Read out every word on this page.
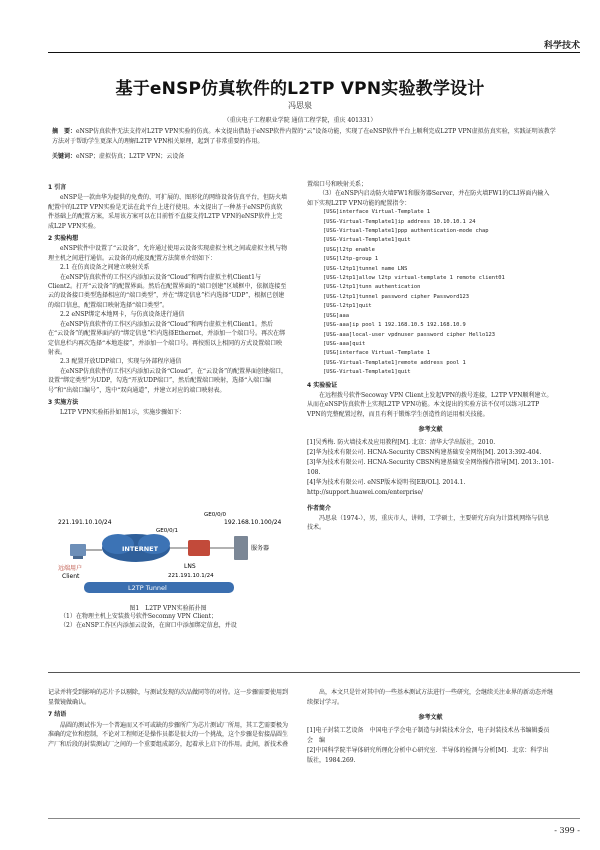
科学技术
基于eNSP仿真软件的L2TP VPN实验教学设计
冯思泉
（重庆电子工程职业学院 通信工程学院，重庆 401331）
摘　要：eNSP仿真软件无法支持对L2TP VPN实验的仿真。本文提出借助于eNSP软件内置的“云”设备功能，实现了在eNSP软件平台上顺利完成L2TP VPN虚拟仿真实验，实践证明该教学方法对于帮助学生更深入的理解L2TP VPN相关原理，起到了非常重要的作用。
关键词：eNSP；虚拟仿真；L2TP VPN；云设备
1 引言

eNSP是一款由华为提供的免费的、可扩展的、图形化的网络设备仿真平台，但防火墙配置中的L2TP VPN实验是无法在此平台上进行使用。本文提出了一种基于eNSP仿真软件基础上的配置方案，采用该方案可以在目前暂不直接支持L2TP VPN的eNSP软件上完成L2P VPN实验。

2 实验构想

eNSP软件中设置了“云设备”，允许通过使用云设备实现虚拟主机之间或虚拟主机与物理主机之间进行通信。云设备的功能及配置方法简单介绍如下：

2.1 在仿真设备之间建立映射关系

在eNSP仿真软件的工作区内添加云设备“Cloud”和两台虚拟主机Client1与Client2。打开“云设备”的配置界面。然后在配置界面的“端口创建”区域框中，依据连接至云的设备接口类型选择相应的“端口类型”，并在“绑定信息”栏内选择“UDP”，根据已创建的端口信息，配置端口映射选择“端口类型”。

2.2 eNSP绑定本地网卡，与仿真设备进行通信

在eNSP仿真软件的工作区内添加云设备“Cloud”和两台虚拟主机Client1。然后在“云设备”的配置界面内的“绑定信息”栏内选择Ethernet，并添加一个端口号。再次在绑定信息栏内再次选择“本地连接”，并添加一个端口号。再按照以上相同的方式设置端口映射表。

2.3 配置开放UDP端口，实现与外部程序通信

在eNSP仿真软件的工作区内添加云设备“Cloud”，在“云设备”的配置界面创建端口，设置“绑定类型”为UDP，勾选“开放UDP端口”，然后配置端口映射，选择“入端口编号”和“出端口编号”，选中“双向通道”，并建立对应的端口映射表。

3 实施方法

L2TP VPN实验拓扑如图1示，实施步骤如下：

221.191.10.10/24
GE0/0/0
192.168.10.100/24
GE0/0/1
INTERNET	服务器
LNS
221.191.10.1/24
远端用户
Client
L2TP Tunnel
图1　L2TP VPN实验拓扑图

（1）在物理主机上安装拨号软件Secomny VPN Client；

（2）在eNSP工作区内添加云设备，在窗口中添加绑定信息，并设

置端口号和映射关系；

（3）在eNSP内启动防火墙FW1和服务器Server，并在防火墙FW1的CLI界面内输入如下实现L2TP VPN功能的配置指令：

[USG]interface Virtual-Template 1
[USG-Virtual-Template1]ip address 10.10.10.1 24
[USG-Virtual-Template1]ppp authentication-mode chap
[USG-Virtual-Template1]quit
[USG]l2tp enable
[USG]l2tp-group 1
[USG-l2tp1]tunnel name LNS
[USG-l2tp1]allow l2tp virtual-template 1 remote client01
[USG-l2tp1]tunn authentication
[USG-l2tp1]tunnel password cipher Password123
[USG-l2tp1]quit
[USG]aaa
[USG-aaa]ip pool 1 192.168.10.5 192.168.10.9
[USG-aaa]local-user vpdnuser password cipher Hello123
[USG-aaa]quit
[USG]interface Virtual-Template 1
[USG-Virtual-Template1]remote address pool 1
[USG-Virtual-Template1]quit
4 实验验证

在远程拨号软件Secoway VPN Client上发起VPN的拨号连接，L2TP VPN顺利建立。从而在eNSP仿真软件上实现L2TP VPN功能。本文提出的实验方法不仅可以练习L2TP VPN的完整配置过程，而且有利于锻炼学生创造性的运用相关技能。

参考文献
[1]吴秀梅. 防火墙技术及应用教程[M]. 北京：清华大学出版社，2010.
[2]华为技术有限公司. HCNA-Security CBSN构建基础安全网络[M]. 2013:392-404.
[3]华为技术有限公司. HCNA-Security CBSN构建基础安全网络操作指导[M]. 2013:.101-108.
[4]华为技术有限公司. eNSP版本说明书[EB/OL]. 2014.1. http://support.huawei.com/enterprise/
作者简介

冯思泉（1974-），男，重庆市人，讲师，工学硕士，主要研究方向为计算机网络与信息技术。

记录并将受到影响的芯片予以剔除，与测试发现的次品做同等的对待。这一步骤需要使用到显微镜做确认。

7 结语

晶圆的测试作为一个普遍而又不可或缺的步骤所广为芯片测试厂所用，其工艺需要极为准确的定位和控制，不论对工程师还是操作员都是很大的一个挑战，这个步骤是衔接晶圆生产厂和后段的封装测试厂之间的一个重要组成部分，起着承上启下的作用。此间，新技术叠

出，本文只是针对其中的一些基本测试方法进行一些研究，会继续关注业界的新动态并继续探讨学习。

参考文献
[1]电子封装工艺设备　中国电子学会电子制造与封装技术分会，电子封装技术丛书编辑委员会　编
[2]中国科学院半导体研究所理化分析中心研究室．半导体的检测与分析[M]．北京：科学出版社，1984.269.
- 399 -
